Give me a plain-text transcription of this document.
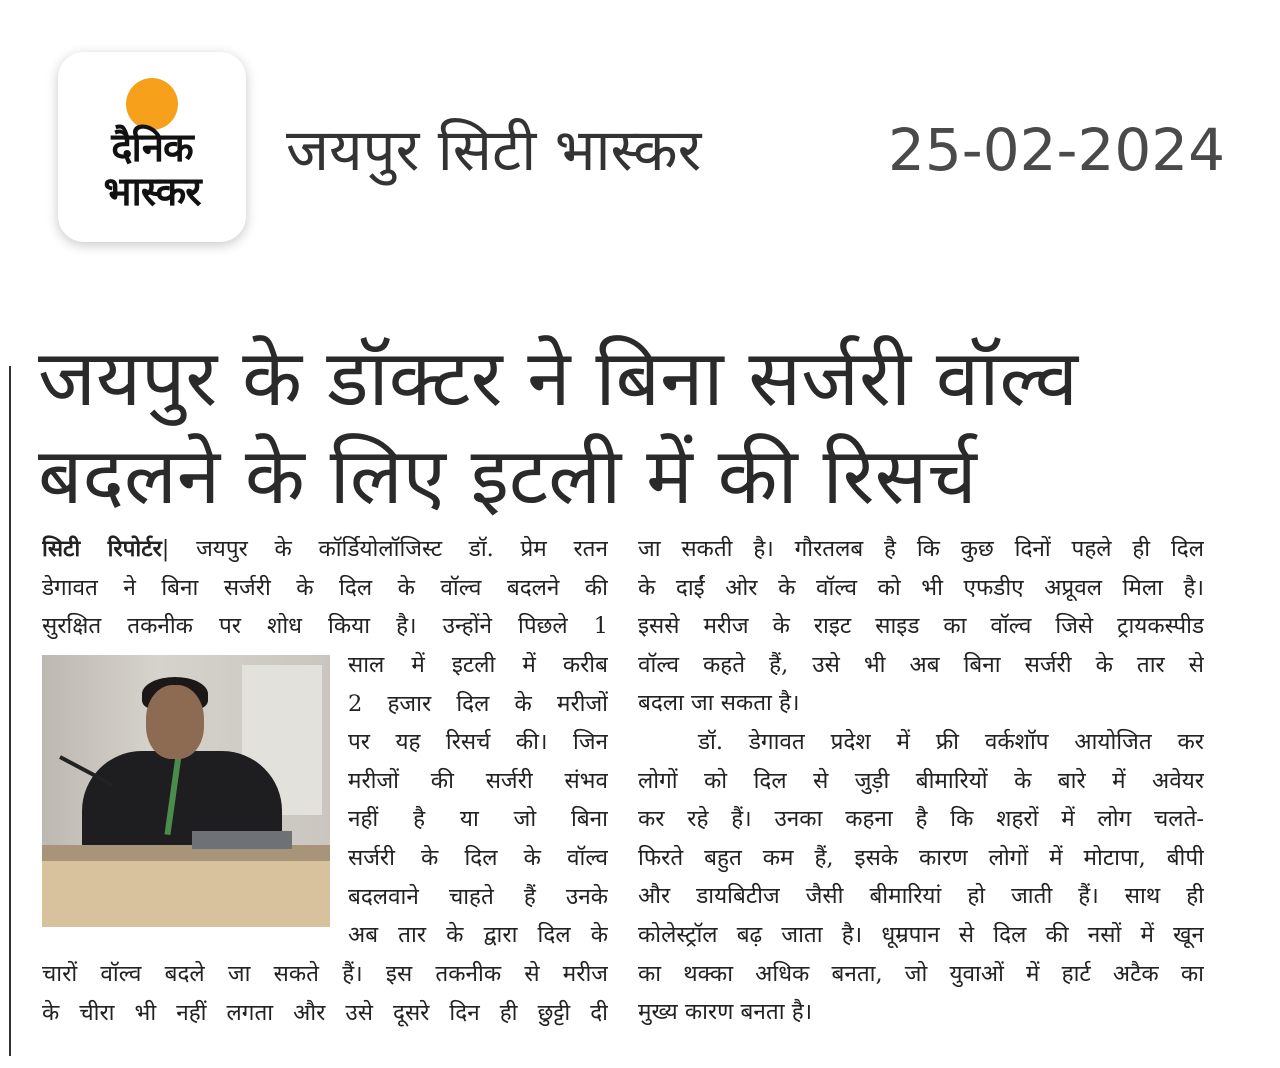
दैनिक
भास्कर
जयपुर सिटी भास्कर	25-02-2024
जयपुर के डॉक्टर ने बिना सर्जरी वॉल्व
बदलने के लिए इटली में की रिसर्च
सिटी रिपोर्टर| जयपुर के कॉर्डियोलॉजिस्ट डॉ. प्रेम रतन
डेगावत ने बिना सर्जरी के दिल के वॉल्व बदलने की
सुरक्षित तकनीक पर शोध किया है। उन्होंने पिछले 1
साल में इटली में करीब
2 हजार दिल के मरीजों
पर यह रिसर्च की। जिन
मरीजों की सर्जरी संभव
नहीं है या जो बिना
सर्जरी के दिल के वॉल्व
बदलवाने चाहते हैं उनके
अब तार के द्वारा दिल के
चारों वॉल्व बदले जा सकते हैं। इस तकनीक से मरीज
के चीरा भी नहीं लगता और उसे दूसरे दिन ही छुट्टी दी
जा सकती है। गौरतलब है कि कुछ दिनों पहले ही दिल
के दाईं ओर के वॉल्व को भी एफडीए अप्रूवल मिला है।
इससे मरीज के राइट साइड का वॉल्व जिसे ट्रायकस्पीड
वॉल्व कहते हैं, उसे भी अब बिना सर्जरी के तार से
बदला जा सकता है।
डॉ. डेगावत प्रदेश में फ्री वर्कशॉप आयोजित कर
लोगों को दिल से जुड़ी बीमारियों के बारे में अवेयर
कर रहे हैं। उनका कहना है कि शहरों में लोग चलते-
फिरते बहुत कम हैं, इसके कारण लोगों में मोटापा, बीपी
और डायबिटीज जैसी बीमारियां हो जाती हैं। साथ ही
कोलेस्ट्रॉल बढ़ जाता है। धूम्रपान से दिल की नसों में खून
का थक्का अधिक बनता, जो युवाओं में हार्ट अटैक का
मुख्य कारण बनता है।
